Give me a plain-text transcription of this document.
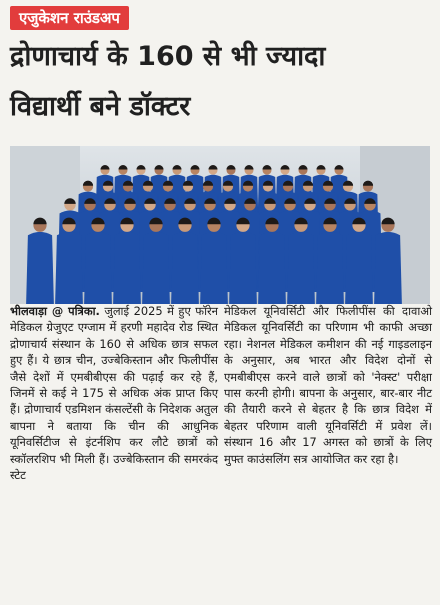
एजुकेशन राउंडअप
द्रोणाचार्य के 160 से भी ज्यादा
विद्यार्थी बने डॉक्टर
भीलवाड़ा @ पत्रिका. जुलाई 2025 में हुए फॉरेन मेडिकल ग्रेजुएट एग्जाम में हरणी महादेव रोड स्थित द्रोणाचार्य संस्थान के 160 से अधिक छात्र सफल हुए हैं। ये छात्र चीन, उज्बेकिस्तान और फिलीपींस जैसे देशों में एमबीबीएस की पढ़ाई कर रहे हैं, जिनमें से कई ने 175 से अधिक अंक प्राप्त किए हैं। द्रोणाचार्य एडमिशन कंसल्टेंसी के निदेशक अतुल बापना ने बताया कि चीन की आधुनिक यूनिवर्सिटीज से इंटर्नशिप कर लौटे छात्रों को स्कॉलरशिप भी मिली हैं। उज्बेकिस्तान की समरकंद स्टेट
मेडिकल यूनिवर्सिटी और फिलीपींस की दावाओ मेडिकल यूनिवर्सिटी का परिणाम भी काफी अच्छा रहा। नेशनल मेडिकल कमीशन की नई गाइडलाइन के अनुसार, अब भारत और विदेश दोनों से एमबीबीएस करने वाले छात्रों को 'नेक्स्ट' परीक्षा पास करनी होगी। बापना के अनुसार, बार-बार नीट की तैयारी करने से बेहतर है कि छात्र विदेश में बेहतर परिणाम वाली यूनिवर्सिटी में प्रवेश लें। संस्थान 16 और 17 अगस्त को छात्रों के लिए मुफ्त काउंसलिंग सत्र आयोजित कर रहा है।
